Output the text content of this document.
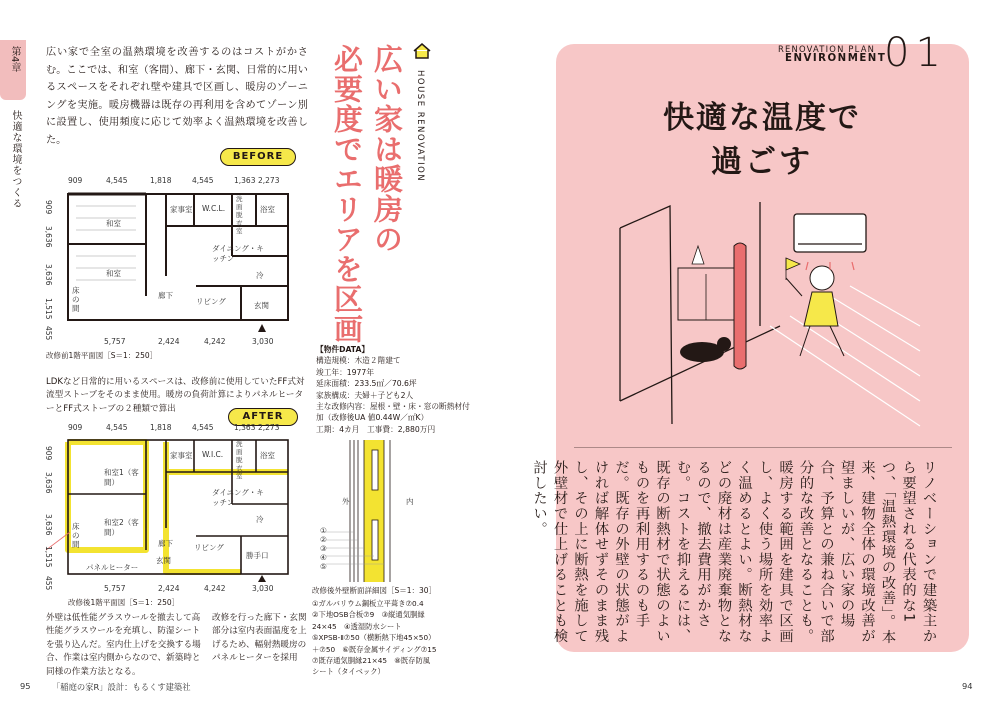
第4章
快適な環境をつくる
広い家で全室の温熱環境を改善するのはコストがかさむ。ここでは、和室（客間）、廊下・玄関、日常的に用いるスペースをそれぞれ壁や建具で区画し、暖房のゾーニングを実施。暖房機器は既存の再利用を含めてゾーン別に設置し、使用頻度に応じて効率よく温熱環境を改善した。	広い家は暖房の
必要度でエリアを区画	HOUSE RENOVATION
BEFORE
909	4,545	1,818	4,545	1,363 2,273
和室
和室
床の間
家事室 W.C.L.
洗面脱衣室
浴室
ダイニング・キッチン
廊下
リビング	玄関
冷
909
3,636
3,636
455
1,515
5,757	2,424	4,242	3,030
改修前1階平面図［S＝1：250］
【物件DATA】
構造規模：木造２階建て
竣工年：1977年
延床面積：233.5㎡／70.6坪
家族構成：夫婦＋子ども2人
主な改修内容：屋根・壁・床・窓の断熱材付加（改修後UA 値0.44W／㎡K）
工期：4カ月　工事費：2,880万円
LDKなど日常的に用いるスペースは、改修前に使用していたFF式対流型ストーブをそのまま使用。暖房の負荷計算によりパネルヒーターとFF式ストーブの２種類で算出
AFTER
909	4,545	1,818	4,545	1,363 2,273
和室1（客間）
和室2（客間）
床の間
家事室 W.I.C.
洗面脱衣室
浴室
ダイニング・キッチン
廊下	リビング
勝手口
玄関
冷
パネルヒーター
909
3,636
3,636
455
1,515
5,757	2,424	4,242	3,030
改修後1階平面図［S＝1：250］
外壁は低性能グラスウールを撤去して高性能グラスウールを充填し、防湿シートを張り込んだ。室内仕上げを交換する場合、作業は室内側からなので、新築時と同様の作業方法となる。
改修を行った廊下・玄関部分は室内表面温度を上げるため、輻射熱暖房のパネルヒーターを採用
外	内
①
②
③
④
⑤
改修後外壁断面詳細図［S＝1：30］
①ガルバリウム鋼板立平葺き⑦0.4　②下地OSB合板⑦9　③縦通気胴縁24×45　④透湿防水シート　⑤XPSB-Ⅱ⑦50（横断熱下地45×50）＋⑦50　⑥既存金属サイディング⑦15　⑦既存通気胴縁21×45　⑧既存防風シート（タイベック）
95	「稲庭の家R」設計：もるくす建築社
RENOVATION PLAN
ENVIRONMENT
01
快適な温度で
過ごす
リノベーションで建築主から要望される代表的な1つ、「温熱環境の改善」。本来、建物全体の環境改善が望ましいが、広い家の場合、予算との兼ね合いで部分的な改善となることも。暖房する範囲を建具で区画し、よく使う場所を効率よく温めるとよい。断熱材などの廃材は産業廃棄物となるので、撤去費用がかさむ。コストを抑えるには、既存の断熱材で状態のよいものを再利用するのも手だ。既存の外壁の状態がよければ解体せずそのまま残し、その上に断熱を施して外壁材で仕上げることも検討したい。
94
